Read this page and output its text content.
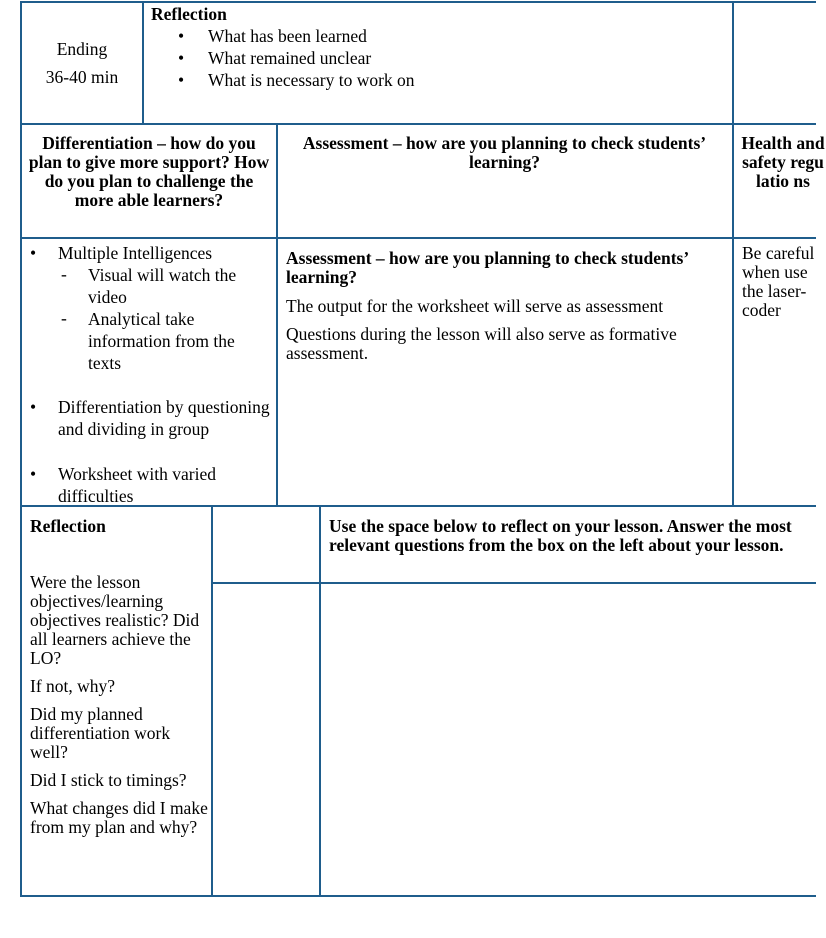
Ending
36-40 min
Reflection
• What has been learned
• What remained unclear
• What is necessary to work on
Differentiation – how do you plan to give more support? How do you plan to challenge the more able learners?
Assessment – how are you planning to check students’ learning?
Health and safety regulatio ns
• Multiple Intelligences
- Visual will watch the video
- Analytical take information from the texts
• Differentiation by questioning and dividing in group
• Worksheet with varied difficulties
Assessment – how are you planning to check students’ learning?
The output for the worksheet will serve as assessment
Questions during the lesson will also serve as formative assessment.
Be careful when use the laser-coder
Reflection	Use the space below to reflect on your lesson. Answer the most relevant questions from the box on the left about your lesson.

Were the lesson objectives/learning objectives realistic? Did all learners achieve the LO?

If not, why?

Did my planned differentiation work well?

Did I stick to timings?

What changes did I make from my plan and why?
